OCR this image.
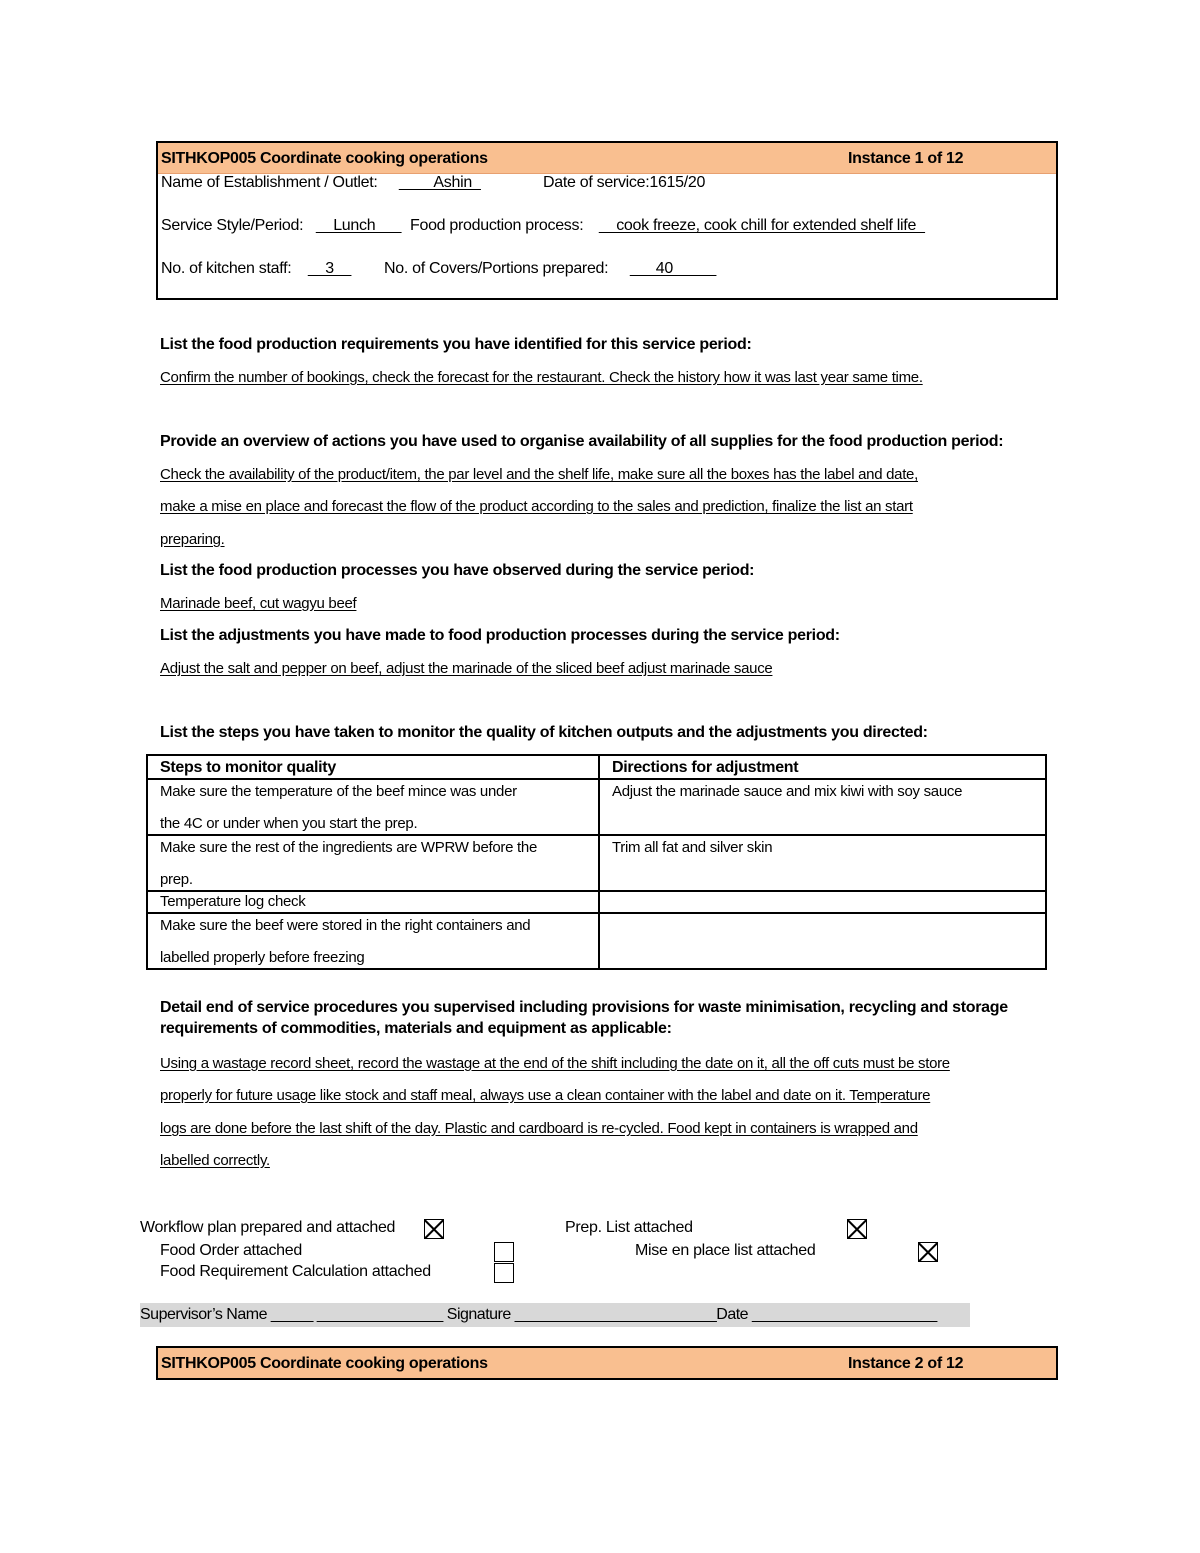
SITHKOP005 Coordinate cooking operations	Instance 1 of 12
Name of Establishment / Outlet: ____Ashin_	Date of service:1615/20
Service Style/Period: __Lunch___ Food production process: __cook freeze, cook chill for extended shelf life_
No. of kitchen staff: __3__ No. of Covers/Portions prepared: ___40_____
List the food production requirements you have identified for this service period:
Confirm the number of bookings, check the forecast for the restaurant. Check the history how it was last year same time.
Provide an overview of actions you have used to organise availability of all supplies for the food production period:
Check the availability of the product/item, the par level and the shelf life, make sure all the boxes has the label and date,
make a mise en place and forecast the flow of the product according to the sales and prediction, finalize the list an start
preparing.
List the food production processes you have observed during the service period:
Marinade beef, cut wagyu beef
List the adjustments you have made to food production processes during the service period:
Adjust the salt and pepper on beef, adjust the marinade of the sliced beef adjust marinade sauce
List the steps you have taken to monitor the quality of kitchen outputs and the adjustments you directed:
Steps to monitor quality	Directions for adjustment

Make sure the temperature of the beef mince was under
the 4C or under when you start the prep.	Adjust the marinade sauce and mix kiwi with soy sauce

Make sure the rest of the ingredients are WPRW before the
prep.	Trim all fat and silver skin

Temperature log check	

Make sure the beef were stored in the right containers and
labelled properly before freezing	

Detail end of service procedures you supervised including provisions for waste minimisation, recycling and storage
requirements of commodities, materials and equipment as applicable:
Using a wastage record sheet, record the wastage at the end of the shift including the date on it, all the off cuts must be store
properly for future usage like stock and staff meal, always use a clean container with the label and date on it. Temperature
logs are done before the last shift of the day. Plastic and cardboard is re-cycled. Food kept in containers is wrapped and
labelled correctly.
Workflow plan prepared and attached	Prep. List attached
Food Order attached	Mise en place list attached
Food Requirement Calculation attached
Supervisor’s Name _____ _______________ Signature ________________________Date ______________________
SITHKOP005 Coordinate cooking operations	Instance 2 of 12
